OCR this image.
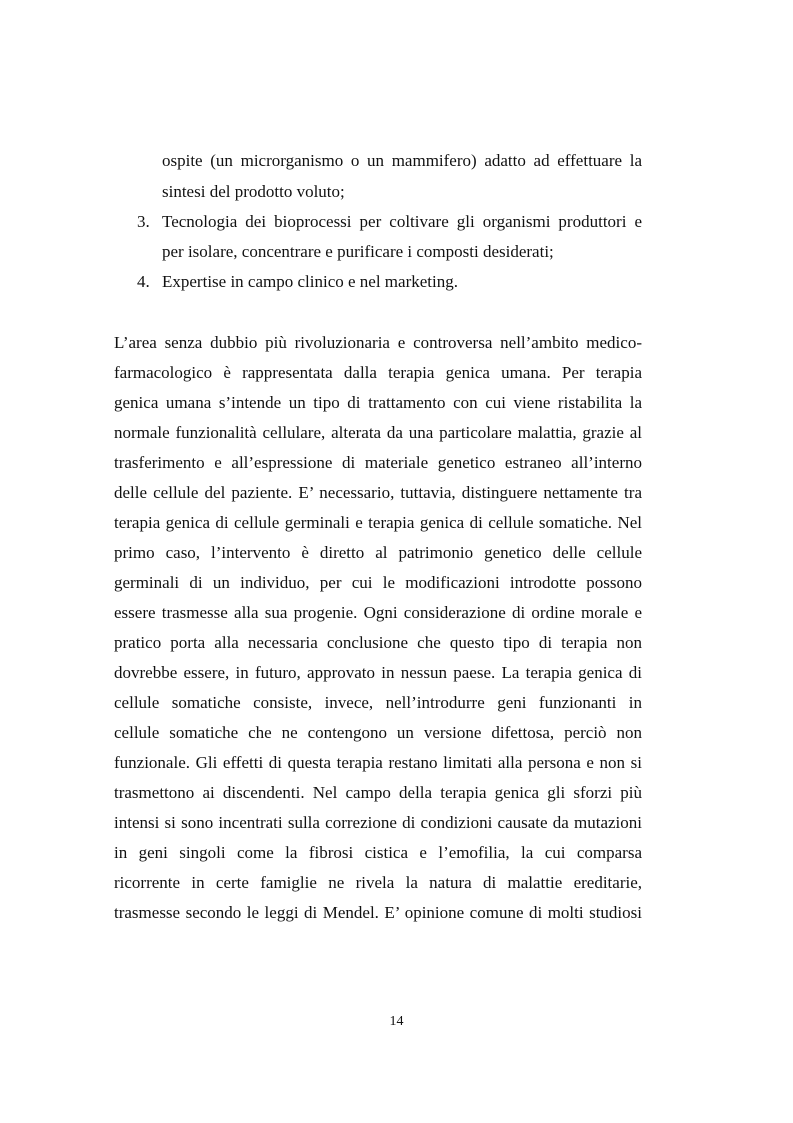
ospite (un microrganismo o un mammifero) adatto ad effettuare la
sintesi del prodotto voluto;
3. Tecnologia dei bioprocessi per coltivare gli organismi produttori e
per isolare, concentrare e purificare i composti desiderati;
4. Expertise in campo clinico e nel marketing.
L’area senza dubbio più rivoluzionaria e controversa nell’ambito medico-
farmacologico è rappresentata dalla terapia genica umana. Per terapia
genica umana s’intende un tipo di trattamento con cui viene ristabilita la
normale funzionalità cellulare, alterata da una particolare malattia, grazie al
trasferimento e all’espressione di materiale genetico estraneo all’interno
delle cellule del paziente. E’ necessario, tuttavia, distinguere nettamente tra
terapia genica di cellule germinali e terapia genica di cellule somatiche. Nel
primo caso, l’intervento è diretto al patrimonio genetico delle cellule
germinali di un individuo, per cui le modificazioni introdotte possono
essere trasmesse alla sua progenie. Ogni considerazione di ordine morale e
pratico porta alla necessaria conclusione che questo tipo di terapia non
dovrebbe essere, in futuro, approvato in nessun paese. La terapia genica di
cellule somatiche consiste, invece, nell’introdurre geni funzionanti in
cellule somatiche che ne contengono un versione difettosa, perciò non
funzionale. Gli effetti di questa terapia restano limitati alla persona e non si
trasmettono ai discendenti. Nel campo della terapia genica gli sforzi più
intensi si sono incentrati sulla correzione di condizioni causate da mutazioni
in geni singoli come la fibrosi cistica e l’emofilia, la cui comparsa
ricorrente in certe famiglie ne rivela la natura di malattie ereditarie,
trasmesse secondo le leggi di Mendel. E’ opinione comune di molti studiosi
14
